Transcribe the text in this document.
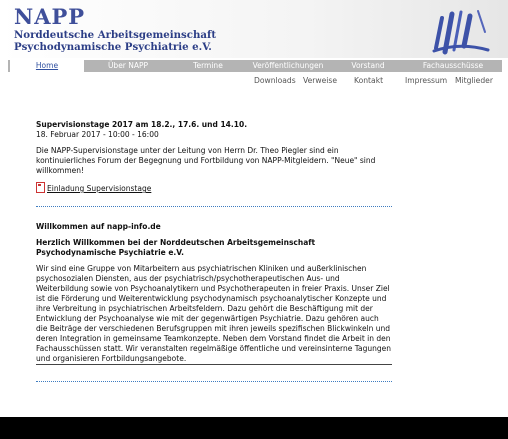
NAPP
Norddeutsche Arbeitsgemeinschaft
Psychodynamische Psychiatrie e.V.
Home	Über NAPP	Termine	Veröffentlichungen	Vorstand	Fachausschüsse
Downloads Verweise Kontakt	Impressum Mitglieder
Supervisionstage 2017 am 18.2., 17.6. und 14.10.
18. Februar 2017 - 10:00 - 16:00

Die NAPP-Supervisionstage unter der Leitung von Herrn Dr. Theo Piegler sind ein kontinuierliches Forum der Begegnung und Fortbildung von NAPP-Mitgleidern. "Neue" sind willkommen!

Einladung Supervisionstage
Willkommen auf napp-info.de
Herzlich Willkommen bei der Norddeutschen Arbeitsgemeinschaft Psychodynamische Psychiatrie e.V.

Wir sind eine Gruppe von Mitarbeitern aus psychiatrischen Kliniken und außerklinischen psychosozialen Diensten, aus der psychiatrisch/psychotherapeutischen Aus- und Weiterbildung sowie von Psychoanalytikern und Psychotherapeuten in freier Praxis. Unser Ziel ist die Förderung und Weiterentwicklung psychodynamisch psychoanalytischer Konzepte und ihre Verbreitung in psychiatrischen Arbeitsfeldern. Dazu gehört die Beschäftigung mit der Entwicklung der Psychoanalyse wie mit der gegenwärtigen Psychiatrie. Dazu gehören auch die Beiträge der verschiedenen Berufsgruppen mit ihren jeweils spezifischen Blickwinkeln und deren Integration in gemeinsame Teamkonzepte. Neben dem Vorstand findet die Arbeit in den Fachausschüssen statt. Wir veranstalten regelmäßige öffentliche und vereinsinterne Tagungen und organisieren Fortbildungsangebote.
